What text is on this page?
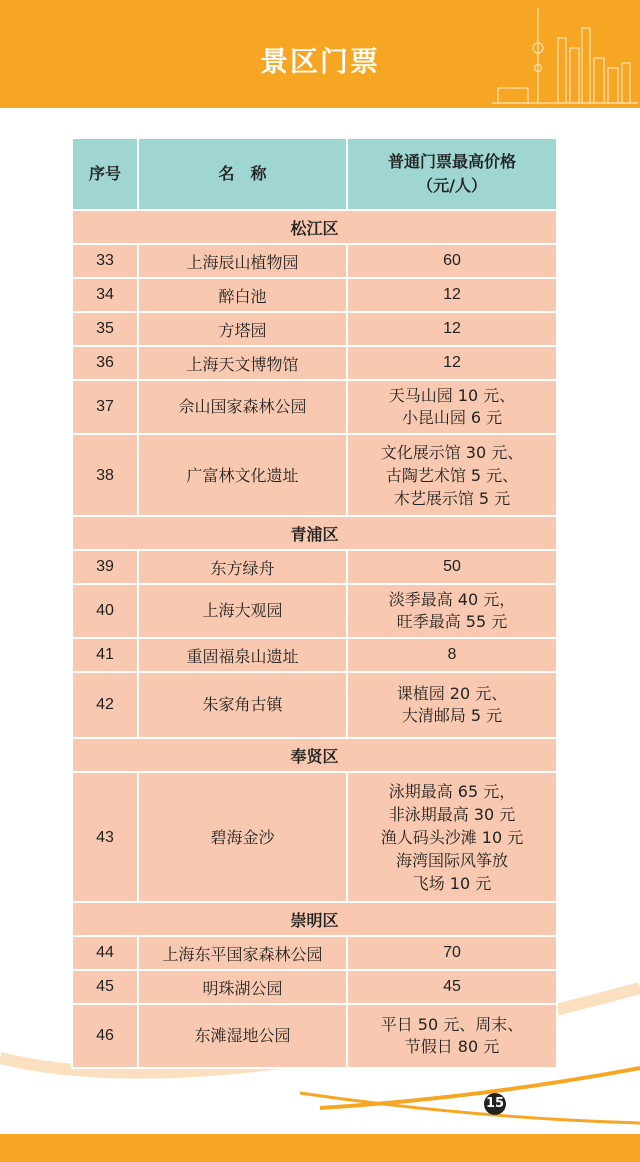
景区门票
序号	名　称	普通门票最高价格
（元/人）

松江区		
33	上海辰山植物园	60

34	醉白池	12

35	方塔园	12

36	上海天文博物馆	12

37	佘山国家森林公园	天马山园 10 元、
小昆山园 6 元

38	广富林文化遗址	文化展示馆 30 元、
古陶艺术馆 5 元、
木艺展示馆 5 元

青浦区		
39	东方绿舟	50

40	上海大观园	淡季最高 40 元，
旺季最高 55 元

41	重固福泉山遗址	8

42	朱家角古镇	课植园 20 元、
大清邮局 5 元

奉贤区		
43	碧海金沙	泳期最高 65 元，
非泳期最高 30 元
渔人码头沙滩 10 元
海湾国际风筝放
飞场 10 元

崇明区		
44	上海东平国家森林公园	70

45	明珠湖公园	45

46	东滩湿地公园	平日 50 元、周末、
节假日 80 元
15
